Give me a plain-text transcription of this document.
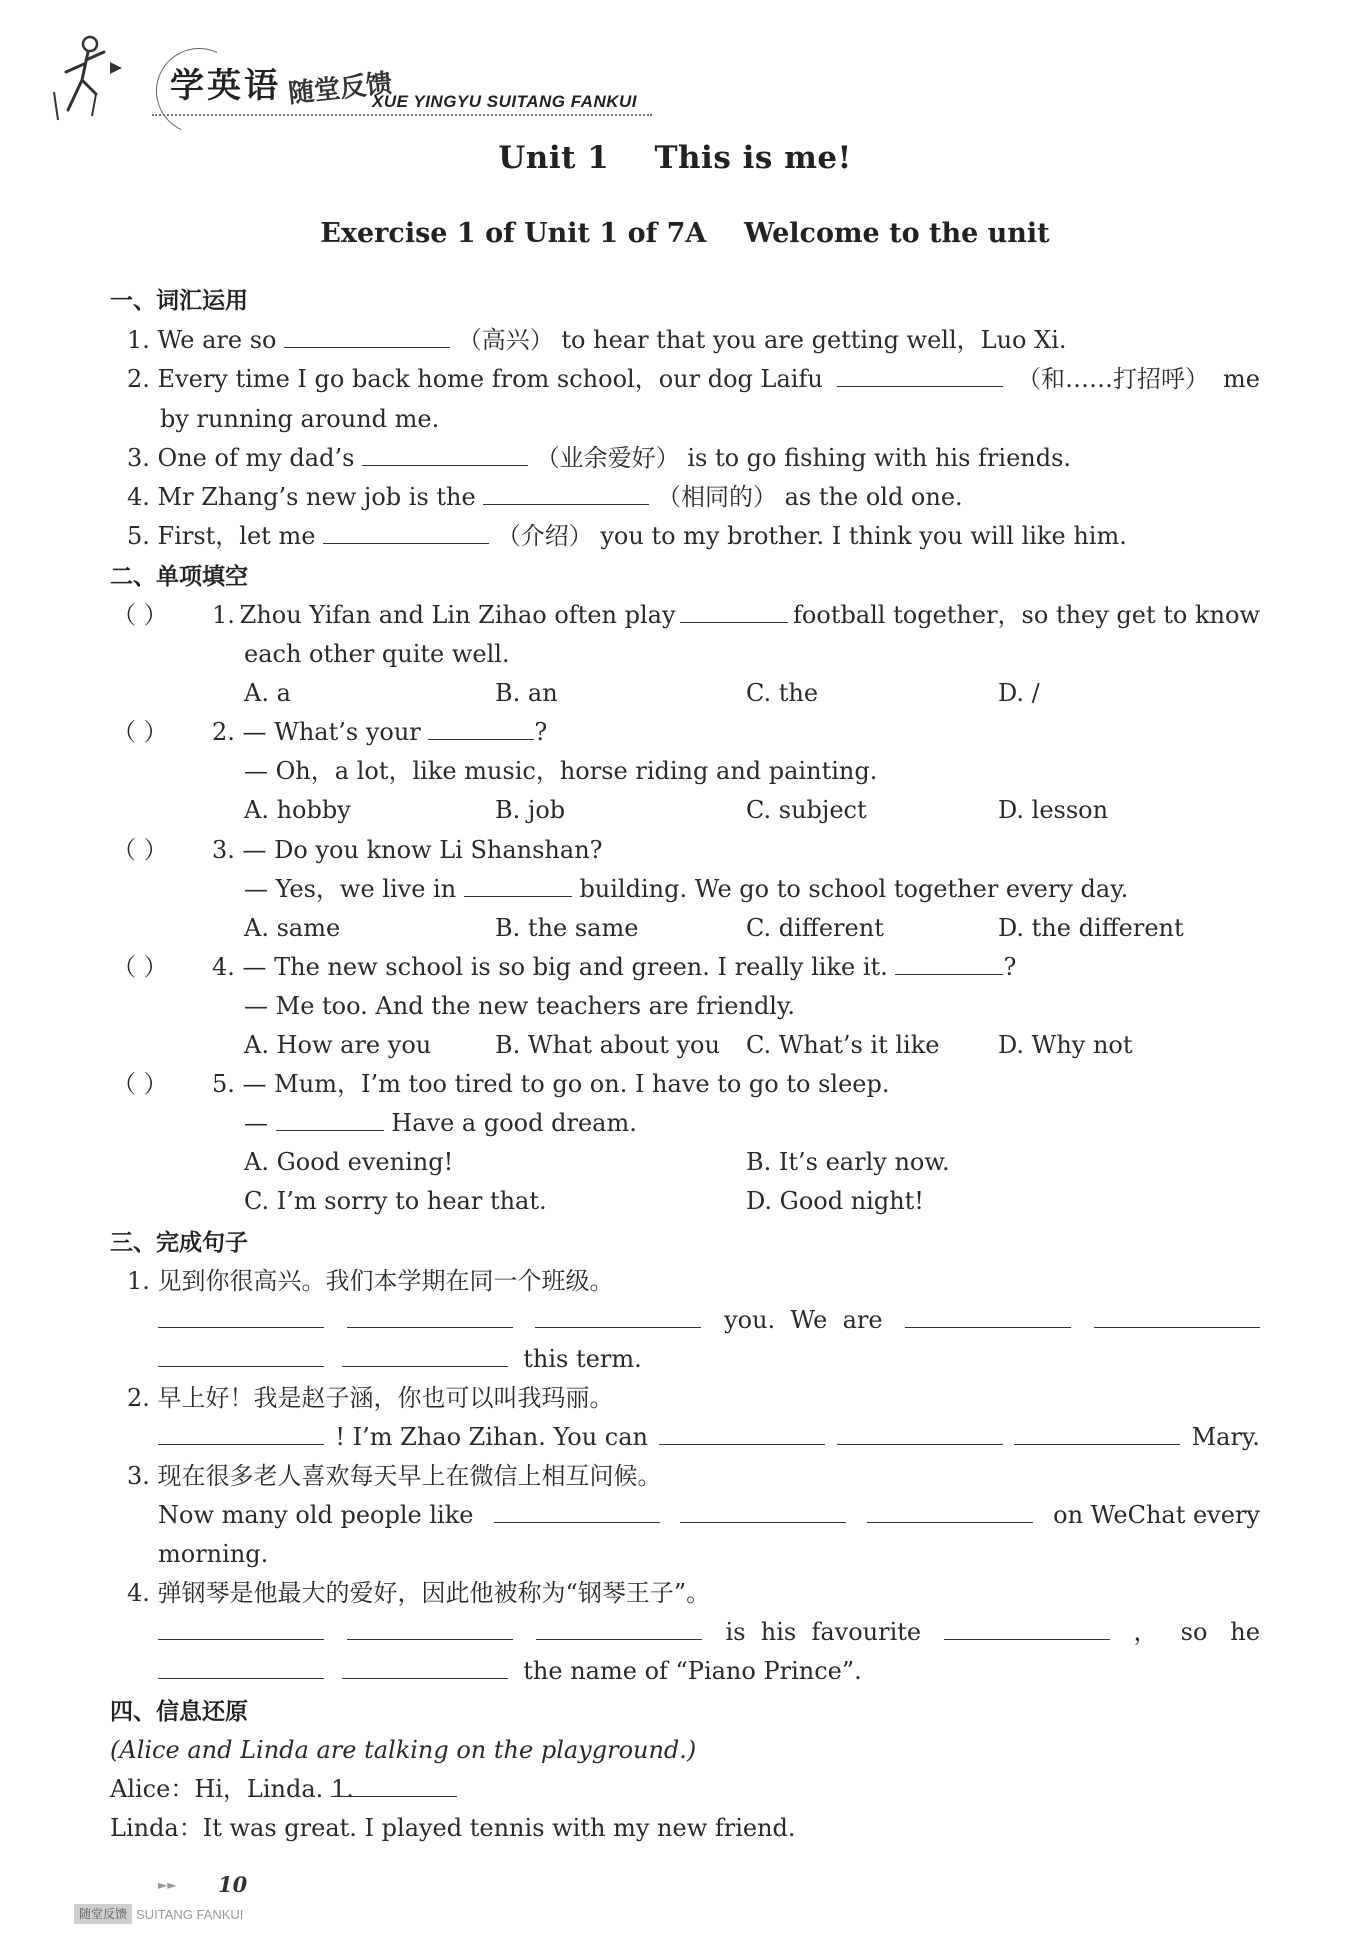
学英语 随堂反馈
XUE YINGYU SUITANG FANKUI
Unit 1    This is me!
Exercise 1 of Unit 1 of 7A    Welcome to the unit
一、词汇运用
1. We are so	（高兴） to hear that you are getting well，Luo Xi.
2. Every time I go back home from school，our dog Laifu	（和……打招呼） me
by running around me.
3. One of my dad’s	（业余爱好） is to go fishing with his friends.
4. Mr Zhang’s new job is the	（相同的） as the old one.
5. First，let me	（介绍） you to my brother. I think you will like him.
二、单项填空
（ ） 1. Zhou Yifan and Lin Zihao often play	football together，so they get to know
each other quite well.
A. a	B. an	C. the	D. /
（ ） 2. — What’s your	?
— Oh，a lot，like music，horse riding and painting.
A. hobby	B. job	C. subject	D. lesson
（ ） 3. — Do you know Li Shanshan?
— Yes，we live in	building. We go to school together every day.
A. same	B. the same	C. different	D. the different
（ ） 4. — The new school is so big and green. I really like it.	?
— Me too. And the new teachers are friendly.
A. How are you	B. What about you C. What’s it like D. Why not
（ ） 5. — Mum，I’m too tired to go on. I have to go to sleep.
—	Have a good dream.
A. Good evening!	B. It’s early now.
C. I’m sorry to hear that.	D. Good night!
三、完成句子
1. 见到你很高兴。我们本学期在同一个班级。
you.  We  are
this term.
2. 早上好！我是赵子涵，你也可以叫我玛丽。
! I’m Zhao Zihan. You can	Mary.
3. 现在很多老人喜欢每天早上在微信上相互问候。
Now many old people like	on WeChat every
morning.
4. 弹钢琴是他最大的爱好，因此他被称为“钢琴王子”。
is  his  favourite	， so   he
the name of “Piano Prince”.
四、信息还原
(Alice and Linda are talking on the playground.)
Alice：Hi，Linda. 1.
Linda：It was great. I played tennis with my new friend.
►► 10
随堂反馈 SUITANG FANKUI
